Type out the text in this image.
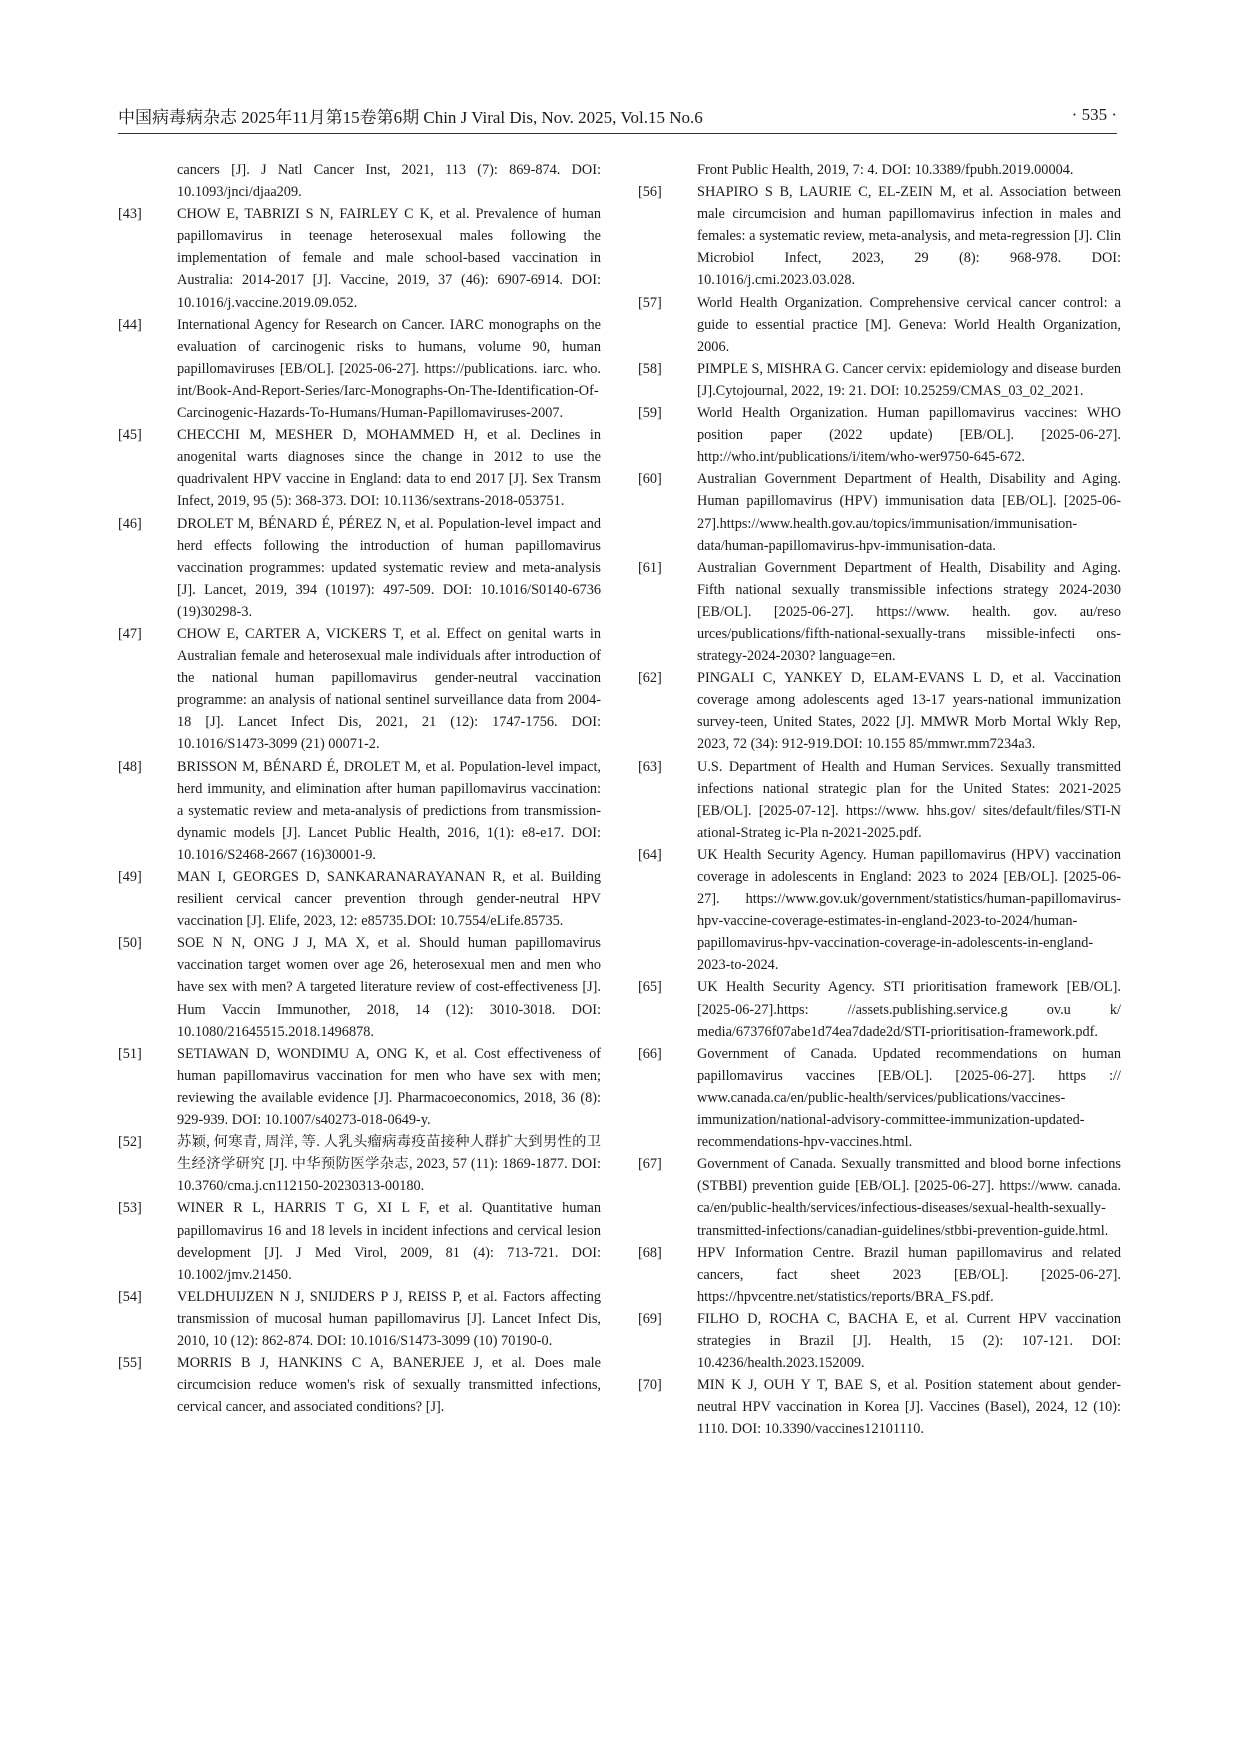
中国病毒病杂志 2025年11月第15卷第6期 Chin J Viral Dis, Nov. 2025, Vol.15 No.6	· 535 ·
cancers [J]. J Natl Cancer Inst, 2021, 113 (7): 869-874. DOI: 10.1093/jnci/djaa209.
[43] CHOW E, TABRIZI S N, FAIRLEY C K, et al. Prevalence of human papillomavirus in teenage heterosexual males following the implementation of female and male school-based vaccination in Australia: 2014-2017 [J]. Vaccine, 2019, 37 (46): 6907-6914. DOI: 10.1016/j.vaccine.2019.09.052.
[44] International Agency for Research on Cancer. IARC monographs on the evaluation of carcinogenic risks to humans, volume 90, human papillomaviruses [EB/OL]. [2025-06-27]. https://publications. iarc. who. int/Book-And-Report-Series/Iarc-Monographs-On-The-Identification-Of-Carcinogenic-Hazards-To-Humans/Human-Papillomaviruses-2007.
[45] CHECCHI M, MESHER D, MOHAMMED H, et al. Declines in anogenital warts diagnoses since the change in 2012 to use the quadrivalent HPV vaccine in England: data to end 2017 [J]. Sex Transm Infect, 2019, 95 (5): 368-373. DOI: 10.1136/sextrans-2018-053751.
[46] DROLET M, BÉNARD É, PÉREZ N, et al. Population-level impact and herd effects following the introduction of human papillomavirus vaccination programmes: updated systematic review and meta-analysis [J]. Lancet, 2019, 394 (10197): 497-509. DOI: 10.1016/S0140-6736 (19)30298-3.
[47] CHOW E, CARTER A, VICKERS T, et al. Effect on genital warts in Australian female and heterosexual male individuals after introduction of the national human papillomavirus gender-neutral vaccination programme: an analysis of national sentinel surveillance data from 2004-18 [J]. Lancet Infect Dis, 2021, 21 (12): 1747-1756. DOI: 10.1016/S1473-3099 (21) 00071-2.
[48] BRISSON M, BÉNARD É, DROLET M, et al. Population-level impact, herd immunity, and elimination after human papillomavirus vaccination: a systematic review and meta-analysis of predictions from transmission-dynamic models [J]. Lancet Public Health, 2016, 1(1): e8-e17. DOI: 10.1016/S2468-2667 (16)30001-9.
[49] MAN I, GEORGES D, SANKARANARAYANAN R, et al. Building resilient cervical cancer prevention through gender-neutral HPV vaccination [J]. Elife, 2023, 12: e85735.DOI: 10.7554/eLife.85735.
[50] SOE N N, ONG J J, MA X, et al. Should human papillomavirus vaccination target women over age 26, heterosexual men and men who have sex with men? A targeted literature review of cost-effectiveness [J]. Hum Vaccin Immunother, 2018, 14 (12): 3010-3018. DOI: 10.1080/21645515.2018.1496878.
[51] SETIAWAN D, WONDIMU A, ONG K, et al. Cost effectiveness of human papillomavirus vaccination for men who have sex with men; reviewing the available evidence [J]. Pharmacoeconomics, 2018, 36 (8): 929-939. DOI: 10.1007/s40273-018-0649-y.
[52] 苏颖, 何寒青, 周洋, 等. 人乳头瘤病毒疫苗接种人群扩大到男性的卫生经济学研究 [J]. 中华预防医学杂志, 2023, 57 (11): 1869-1877. DOI: 10.3760/cma.j.cn112150-20230313-00180.
[53] WINER R L, HARRIS T G, XI L F, et al. Quantitative human papillomavirus 16 and 18 levels in incident infections and cervical lesion development [J]. J Med Virol, 2009, 81 (4): 713-721. DOI: 10.1002/jmv.21450.
[54] VELDHUIJZEN N J, SNIJDERS P J, REISS P, et al. Factors affecting transmission of mucosal human papillomavirus [J]. Lancet Infect Dis, 2010, 10 (12): 862-874. DOI: 10.1016/S1473-3099 (10) 70190-0.
[55] MORRIS B J, HANKINS C A, BANERJEE J, et al. Does male circumcision reduce women's risk of sexually transmitted infections, cervical cancer, and associated conditions? [J].
Front Public Health, 2019, 7: 4. DOI: 10.3389/fpubh.2019.00004.
[56] SHAPIRO S B, LAURIE C, EL-ZEIN M, et al. Association between male circumcision and human papillomavirus infection in males and females: a systematic review, meta-analysis, and meta-regression [J]. Clin Microbiol Infect, 2023, 29 (8): 968-978. DOI: 10.1016/j.cmi.2023.03.028.
[57] World Health Organization. Comprehensive cervical cancer control: a guide to essential practice [M]. Geneva: World Health Organization, 2006.
[58] PIMPLE S, MISHRA G. Cancer cervix: epidemiology and disease burden [J].Cytojournal, 2022, 19: 21. DOI: 10.25259/CMAS_03_02_2021.
[59] World Health Organization. Human papillomavirus vaccines: WHO position paper (2022 update) [EB/OL]. [2025-06-27]. http://who.int/publications/i/item/who-wer9750-645-672.
[60] Australian Government Department of Health, Disability and Aging. Human papillomavirus (HPV) immunisation data [EB/OL]. [2025-06-27].https://www.health.gov.au/topics/immunisation/immunisation-data/human-papillomavirus-hpv-immunisation-data.
[61] Australian Government Department of Health, Disability and Aging. Fifth national sexually transmissible infections strategy 2024-2030 [EB/OL]. [2025-06-27]. https://www. health. gov. au/reso urces/publications/fifth-national-sexually-trans missible-infecti ons-strategy-2024-2030? language=en.
[62] PINGALI C, YANKEY D, ELAM-EVANS L D, et al. Vaccination coverage among adolescents aged 13-17 years-national immunization survey-teen, United States, 2022 [J]. MMWR Morb Mortal Wkly Rep, 2023, 72 (34): 912-919.DOI: 10.155 85/mmwr.mm7234a3.
[63] U.S. Department of Health and Human Services. Sexually transmitted infections national strategic plan for the United States: 2021-2025 [EB/OL]. [2025-07-12]. https://www. hhs.gov/ sites/default/files/STI-N ational-Strateg ic-Pla n-2021-2025.pdf.
[64] UK Health Security Agency. Human papillomavirus (HPV) vaccination coverage in adolescents in England: 2023 to 2024 [EB/OL]. [2025-06-27]. https://www.gov.uk/government/statistics/human-papillomavirus-hpv-vaccine-coverage-estimates-in-england-2023-to-2024/human-papillomavirus-hpv-vaccination-coverage-in-adolescents-in-england-2023-to-2024.
[65] UK Health Security Agency. STI prioritisation framework [EB/OL]. [2025-06-27].https: //assets.publishing.service.g ov.u k/ media/67376f07abe1d74ea7dade2d/STI-prioritisation-framework.pdf.
[66] Government of Canada. Updated recommendations on human papillomavirus vaccines [EB/OL]. [2025-06-27]. https :// www.canada.ca/en/public-health/services/publications/vaccines-immunization/national-advisory-committee-immunization-updated-recommendations-hpv-vaccines.html.
[67] Government of Canada. Sexually transmitted and blood borne infections (STBBI) prevention guide [EB/OL]. [2025-06-27]. https://www. canada. ca/en/public-health/services/infectious-diseases/sexual-health-sexually-transmitted-infections/canadian-guidelines/stbbi-prevention-guide.html.
[68] HPV Information Centre. Brazil human papillomavirus and related cancers, fact sheet 2023 [EB/OL]. [2025-06-27]. https://hpvcentre.net/statistics/reports/BRA_FS.pdf.
[69] FILHO D, ROCHA C, BACHA E, et al. Current HPV vaccination strategies in Brazil [J]. Health, 15 (2): 107-121. DOI: 10.4236/health.2023.152009.
[70] MIN K J, OUH Y T, BAE S, et al. Position statement about gender-neutral HPV vaccination in Korea [J]. Vaccines (Basel), 2024, 12 (10): 1110. DOI: 10.3390/vaccines12101110.
